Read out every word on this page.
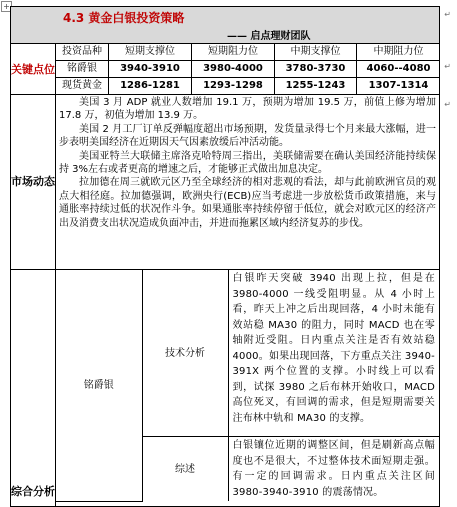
+
↵
↵
↵
4.3 黄金白银投资策略
—— 启点理财团队

关键点位	
投资品种	短期支撑位	短期阻力位	中期支撑位	中期阻力位
铭爵银	3940-3910	3980-4000	3780-3730	4060--4080
现货黄金	1286-1281	1293-1298	1255-1243	1307-1314

市场动态	

美国 3 月 ADP 就业人数增加 19.1 万，预期为增加 19.5 万，前值上修为增加 17.8 万，初值为增加 13.9 万。

美国 2 月工厂订单反弹幅度超出市场预期，发货量录得七个月来最大涨幅，进一步表明美国经济在近期因天气因素放缓后冲活动能。

美国亚特兰大联储主席洛克哈特周三指出，美联储需要在确认美国经济能持续保持 3%左右或者更高的增速之后，才能够正式做出加息决定。

拉加德在周三就欧元区乃至全球经济的相对悲观的看法，却与此前欧洲官员的观点大相径庭。拉加德强调，欧洲央行(ECB)应当考虑进一步放松货币政策措施，来与通胀率持续过低的状况作斗争。如果通胀率持续停留于低位，就会对欧元区的经济产出及消费支出状况造成负面冲击，并进而拖累区域内经济复苏的步伐。

综合分析	
铭爵银	技术分析	白银昨天突破 3940 出现上拉，但是在 3980-4000 一线受阻明显。从 4 小时上看，昨天上冲之后出现回落，4 小时未能有效站稳 MA30 的阻力，同时 MACD 也在零轴附近受阻。日内重点关注是否有效站稳 4000。如果出现回落，下方重点关注 3940-391X 两个位置的支撑。小时线上可以看到，试探 3980 之后布林开始收口，MACD 高位死叉，有回调的需求，但是短期需要关注布林中轨和 MA30 的支撑。
综述	白银镶位近期的调整区间，但是刷新高点幅度也不是很大，不过整体技术面短期走强。有一定的回调需求。日内重点关注区间 3980-3940-3910 的震荡情况。
